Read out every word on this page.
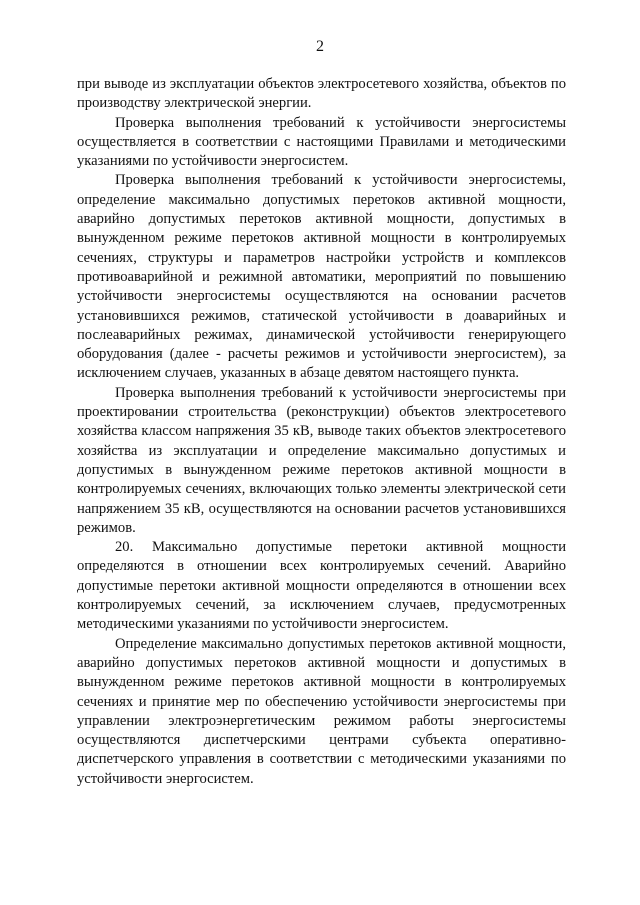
2

при выводе из эксплуатации объектов электросетевого хозяйства, объектов по производству электрической энергии.

Проверка выполнения требований к устойчивости энергосистемы осуществляется в соответствии с настоящими Правилами и методическими указаниями по устойчивости энергосистем.

Проверка выполнения требований к устойчивости энергосистемы, определение максимально допустимых перетоков активной мощности, аварийно допустимых перетоков активной мощности, допустимых в вынужденном режиме перетоков активной мощности в контролируемых сечениях, структуры и параметров настройки устройств и комплексов противоаварийной и режимной автоматики, мероприятий по повышению устойчивости энергосистемы осуществляются на основании расчетов установившихся режимов, статической устойчивости в доаварийных и послеаварийных режимах, динамической устойчивости генерирующего оборудования (далее - расчеты режимов и устойчивости энергосистем), за исключением случаев, указанных в абзаце девятом настоящего пункта.

Проверка выполнения требований к устойчивости энергосистемы при проектировании строительства (реконструкции) объектов электросетевого хозяйства классом напряжения 35 кВ, выводе таких объектов электросетевого хозяйства из эксплуатации и определение максимально допустимых и допустимых в вынужденном режиме перетоков активной мощности в контролируемых сечениях, включающих только элементы электрической сети напряжением 35 кВ, осуществляются на основании расчетов установившихся режимов.

20. Максимально допустимые перетоки активной мощности определяются в отношении всех контролируемых сечений. Аварийно допустимые перетоки активной мощности определяются в отношении всех контролируемых сечений, за исключением случаев, предусмотренных методическими указаниями по устойчивости энергосистем.

Определение максимально допустимых перетоков активной мощности, аварийно допустимых перетоков активной мощности и допустимых в вынужденном режиме перетоков активной мощности в контролируемых сечениях и принятие мер по обеспечению устойчивости энергосистемы при управлении электроэнергетическим режимом работы энергосистемы осуществляются диспетчерскими центрами субъекта оперативно-диспетчерского управления в соответствии с методическими указаниями по устойчивости энергосистем.
